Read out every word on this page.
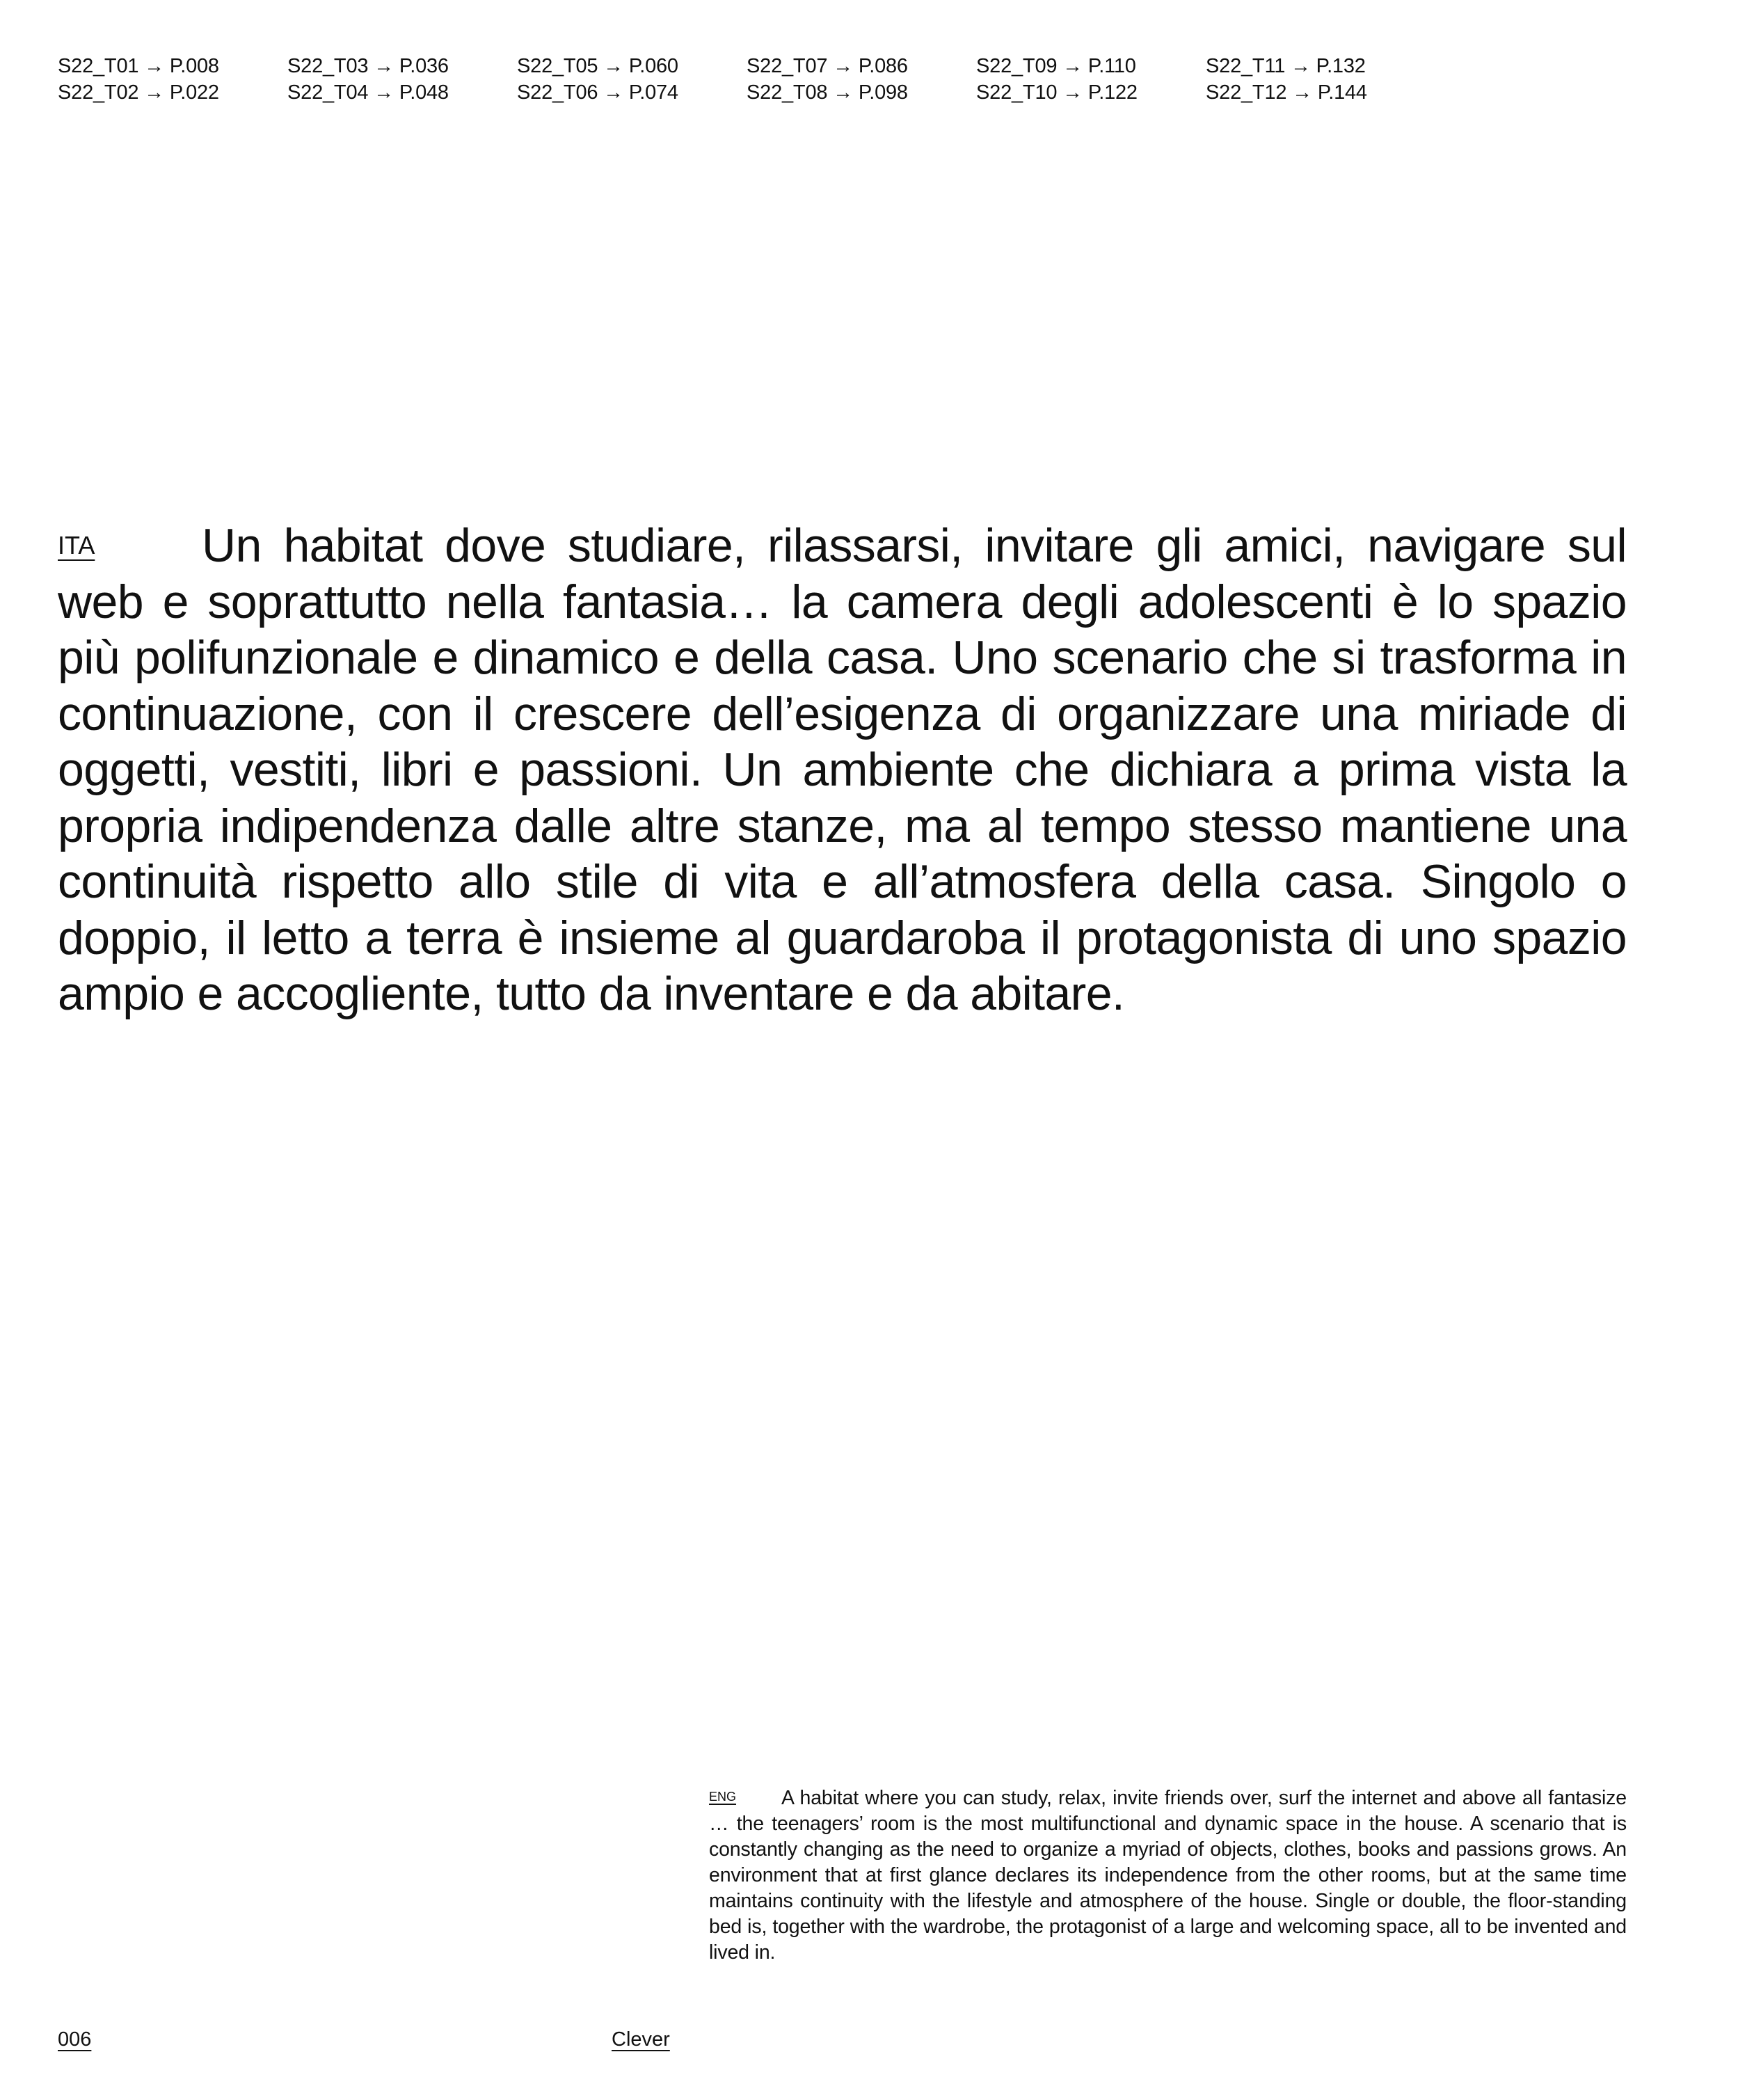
S22_T01 → P.008
S22_T02 → P.022
S22_T03 → P.036
S22_T04 → P.048
S22_T05 → P.060
S22_T06 → P.074
S22_T07 → P.086
S22_T08 → P.098
S22_T09 → P.110
S22_T10 → P.122
S22_T11 → P.132
S22_T12 → P.144
ITA	Un habitat dove studiare, rilassarsi, invitare gli amici, navigare sul web e soprattutto nella fantasia… la camera degli adolescenti è lo spazio più polifunzionale e dinamico e della casa. Uno scenario che si trasforma in continuazione, con il crescere dell’esigenza di organizzare una miriade di oggetti, vestiti, libri e passioni. Un ambiente che dichiara a prima vista la propria indipendenza dalle altre stanze, ma al tempo stesso mantiene una continuità rispetto allo stile di vita e all’atmosfera della casa. Singolo o doppio, il letto a terra è insieme al guardaroba il protagonista di uno spazio ampio e accogliente, tutto da inventare e da abitare.

ENG	A habitat where you can study, relax, invite friends over, surf the internet and above all fantasize … the teenagers’ room is the most multifunctional and dynamic space in the house. A scenario that is constantly changing as the need to organize a myriad of objects, clothes, books and passions grows. An environment that at first glance declares its independence from the other rooms, but at the same time maintains continuity with the lifestyle and atmosphere of the house. Single or double, the floor-standing bed is, together with the wardrobe, the protagonist of a large and welcoming space, all to be invented and lived in.

006	Clever
